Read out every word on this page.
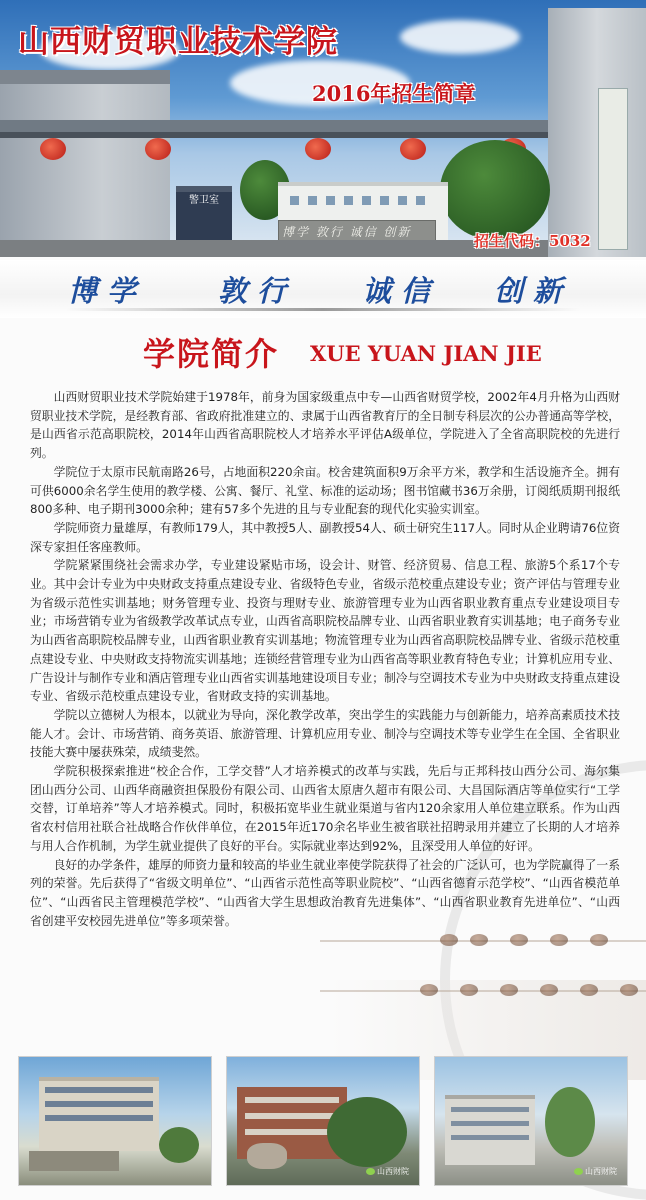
博学 敦行 诚信 创新
警卫室
山西财贸职业技术学院
2016年招生简章
招生代码：5032
博学 敦行 诚信 创新
学院简介 XUE YUAN JIAN JIE

山西财贸职业技术学院始建于1978年，前身为国家级重点中专—山西省财贸学校，2002年4月升格为山西财贸职业技术学院，是经教育部、省政府批准建立的、隶属于山西省教育厅的全日制专科层次的公办普通高等学校，是山西省示范高职院校，2014年山西省高职院校人才培养水平评估A级单位，学院进入了全省高职院校的先进行列。

学院位于太原市民航南路26号，占地面积220余亩。校舍建筑面积9万余平方米，教学和生活设施齐全。拥有可供6000余名学生使用的教学楼、公寓、餐厅、礼堂、标准的运动场；图书馆藏书36万余册，订阅纸质期刊报纸800多种、电子期刊3000余种；建有57多个先进的且与专业配套的现代化实验实训室。

学院师资力量雄厚，有教师179人，其中教授5人、副教授54人、硕士研究生117人。同时从企业聘请76位资深专家担任客座教师。

学院紧紧围绕社会需求办学，专业建设紧贴市场，设会计、财管、经济贸易、信息工程、旅游5个系17个专业。其中会计专业为中央财政支持重点建设专业、省级特色专业，省级示范校重点建设专业；资产评估与管理专业为省级示范性实训基地；财务管理专业、投资与理财专业、旅游管理专业为山西省职业教育重点专业建设项目专业；市场营销专业为省级教学改革试点专业，山西省高职院校品牌专业、山西省职业教育实训基地；电子商务专业为山西省高职院校品牌专业，山西省职业教育实训基地；物流管理专业为山西省高职院校品牌专业、省级示范校重点建设专业、中央财政支持物流实训基地；连锁经营管理专业为山西省高等职业教育特色专业；计算机应用专业、广告设计与制作专业和酒店管理专业山西省实训基地建设项目专业；制冷与空调技术专业为中央财政支持重点建设专业、省级示范校重点建设专业，省财政支持的实训基地。

学院以立德树人为根本，以就业为导向，深化教学改革，突出学生的实践能力与创新能力，培养高素质技术技能人才。会计、市场营销、商务英语、旅游管理、计算机应用专业、制冷与空调技术等专业学生在全国、全省职业技能大赛中屡获殊荣，成绩斐然。

学院积极探索推进“校企合作，工学交替”人才培养模式的改革与实践，先后与正邦科技山西分公司、海尔集团山西分公司、山西华商融资担保股份有限公司、山西省太原唐久超市有限公司、大昌国际酒店等单位实行“工学交替，订单培养”等人才培养模式。同时，积极拓宽毕业生就业渠道与省内120余家用人单位建立联系。作为山西省农村信用社联合社战略合作伙伴单位，在2015年近170余名毕业生被省联社招聘录用并建立了长期的人才培养与用人合作机制，为学生就业提供了良好的平台。实际就业率达到92%，且深受用人单位的好评。

良好的办学条件，雄厚的师资力量和较高的毕业生就业率使学院获得了社会的广泛认可，也为学院赢得了一系列的荣誉。先后获得了“省级文明单位”、“山西省示范性高等职业院校”、“山西省德育示范学校”、“山西省模范单位”、“山西省民主管理模范学校”、“山西省大学生思想政治教育先进集体”、“山西省职业教育先进单位”、“山西省创建平安校园先进单位”等多项荣誉。

山西财院	山西财院
